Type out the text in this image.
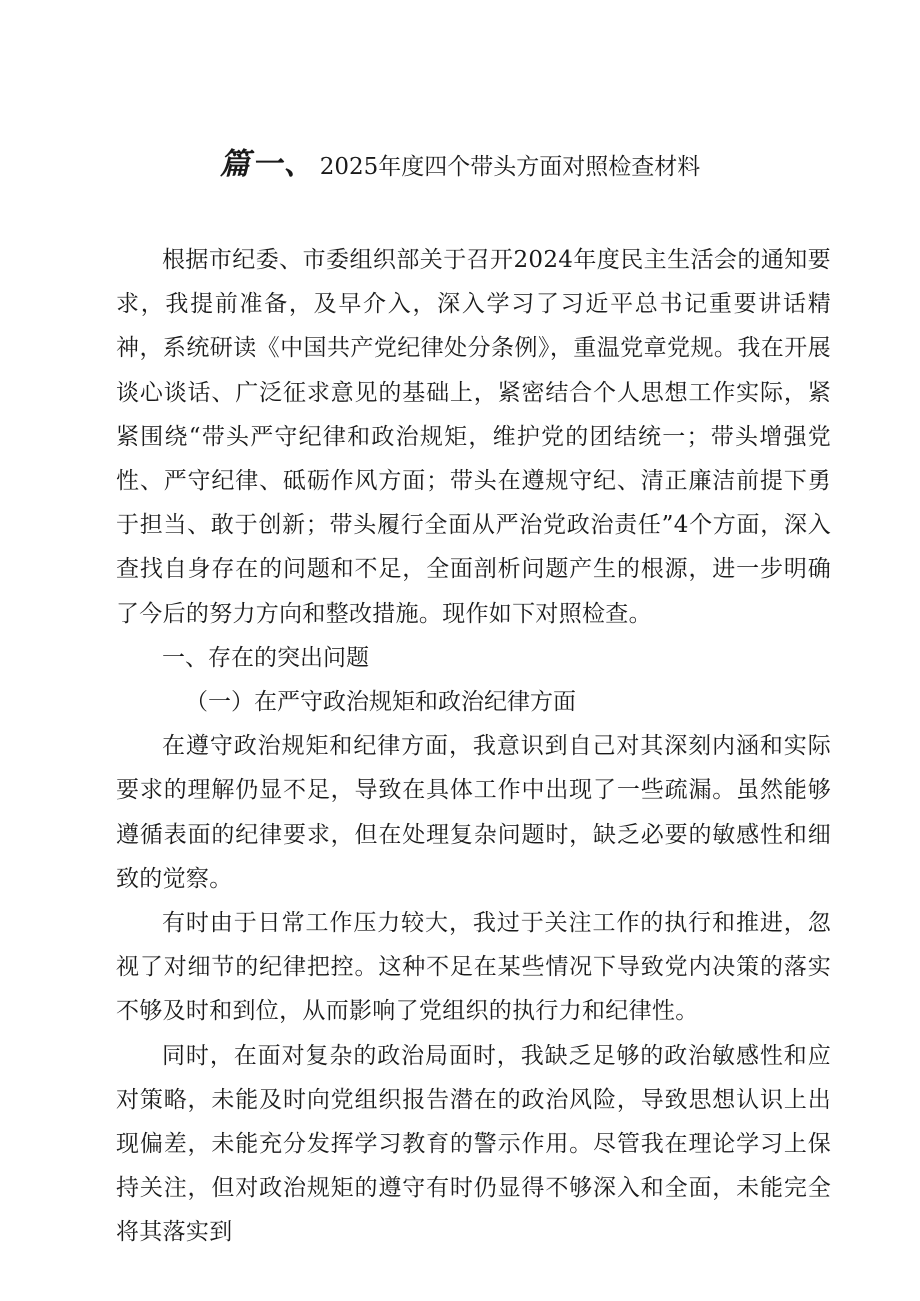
篇一、 2025年度四个带头方面对照检查材料

根据市纪委、市委组织部关于召开2024年度民主生活会的通知要求，我提前准备，及早介入，深入学习了习近平总书记重要讲话精神，系统研读《中国共产党纪律处分条例》，重温党章党规。我在开展谈心谈话、广泛征求意见的基础上，紧密结合个人思想工作实际，紧紧围绕“带头严守纪律和政治规矩，维护党的团结统一；带头增强党性、严守纪律、砥砺作风方面；带头在遵规守纪、清正廉洁前提下勇于担当、敢于创新；带头履行全面从严治党政治责任”4个方面，深入查找自身存在的问题和不足，全面剖析问题产生的根源，进一步明确了今后的努力方向和整改措施。现作如下对照检查。

一、存在的突出问题

（一）在严守政治规矩和政治纪律方面

在遵守政治规矩和纪律方面，我意识到自己对其深刻内涵和实际要求的理解仍显不足，导致在具体工作中出现了一些疏漏。虽然能够遵循表面的纪律要求，但在处理复杂问题时，缺乏必要的敏感性和细致的觉察。

有时由于日常工作压力较大，我过于关注工作的执行和推进，忽视了对细节的纪律把控。这种不足在某些情况下导致党内决策的落实不够及时和到位，从而影响了党组织的执行力和纪律性。

同时，在面对复杂的政治局面时，我缺乏足够的政治敏感性和应对策略，未能及时向党组织报告潜在的政治风险，导致思想认识上出现偏差，未能充分发挥学习教育的警示作用。尽管我在理论学习上保持关注，但对政治规矩的遵守有时仍显得不够深入和全面，未能完全将其落实到
